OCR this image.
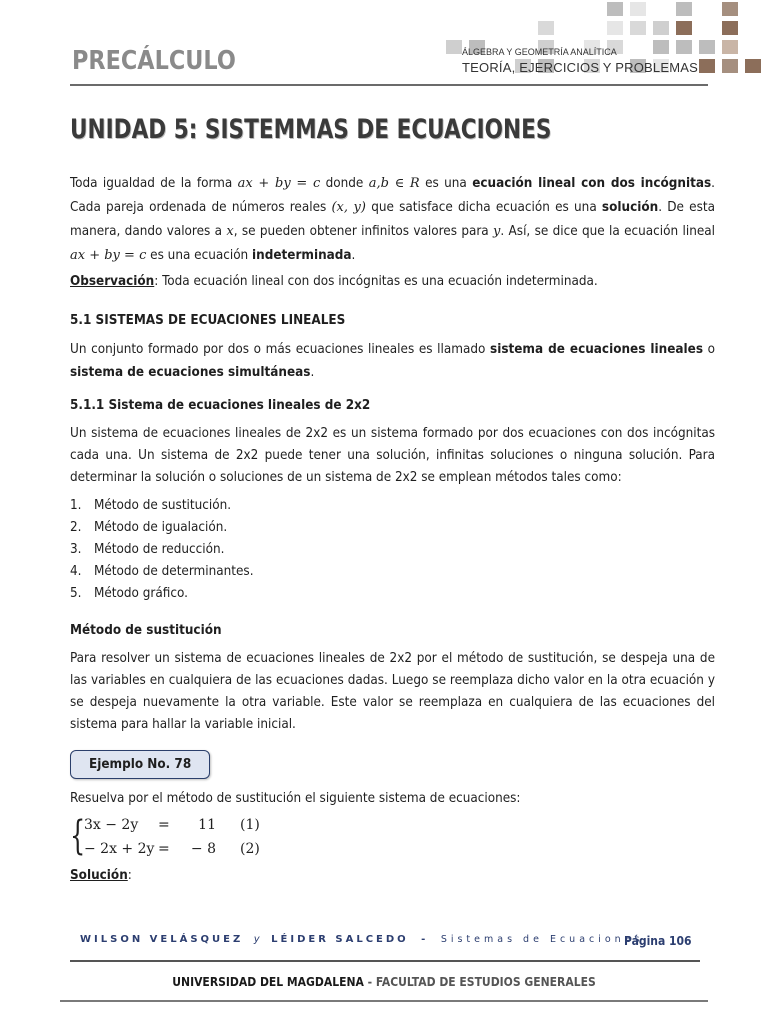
PRECÁLCULO	ÁLGEBRA Y GEOMETRÍA ANALÍTICA
TEORÍA, EJERCICIOS Y PROBLEMAS
UNIDAD 5: SISTEMMAS DE ECUACIONES

Toda igualdad de la forma ax + by = c donde a,b ∈ R es una ecuación lineal con dos incógnitas. Cada pareja ordenada de números reales (x, y) que satisface dicha ecuación es una solución. De esta manera, dando valores a x, se pueden obtener infinitos valores para y. Así, se dice que la ecuación lineal ax + by = c es una ecuación indeterminada.

Observación: Toda ecuación lineal con dos incógnitas es una ecuación indeterminada.

5.1 SISTEMAS DE ECUACIONES LINEALES

Un conjunto formado por dos o más ecuaciones lineales es llamado sistema de ecuaciones lineales o sistema de ecuaciones simultáneas.

5.1.1 Sistema de ecuaciones lineales de 2x2

Un sistema de ecuaciones lineales de 2x2 es un sistema formado por dos ecuaciones con dos incógnitas cada una. Un sistema de 2x2 puede tener una solución, infinitas soluciones o ninguna solución. Para determinar la solución o soluciones de un sistema de 2x2 se emplean métodos tales como:

1. Método de sustitución.
2. Método de igualación.
3. Método de reducción.
4. Método de determinantes.
5. Método gráfico.

Método de sustitución

Para resolver un sistema de ecuaciones lineales de 2x2 por el método de sustitución, se despeja una de las variables en cualquiera de las ecuaciones dadas. Luego se reemplaza dicho valor en la otra ecuación y se despeja nuevamente la otra variable. Este valor se reemplaza en cualquiera de las ecuaciones del sistema para hallar la variable inicial.

Ejemplo No. 78

Resuelva por el método de sustitución el siguiente sistema de ecuaciones:

{
3x − 2y	=	11 (1)
− 2x + 2y =	− 8 (2)

Solución:

WILSON VELÁSQUEZ y LÉIDER SALCEDO - Sistemas de Ecuaciones
Página 106
UNIVERSIDAD DEL MAGDALENA - FACULTAD DE ESTUDIOS GENERALES
